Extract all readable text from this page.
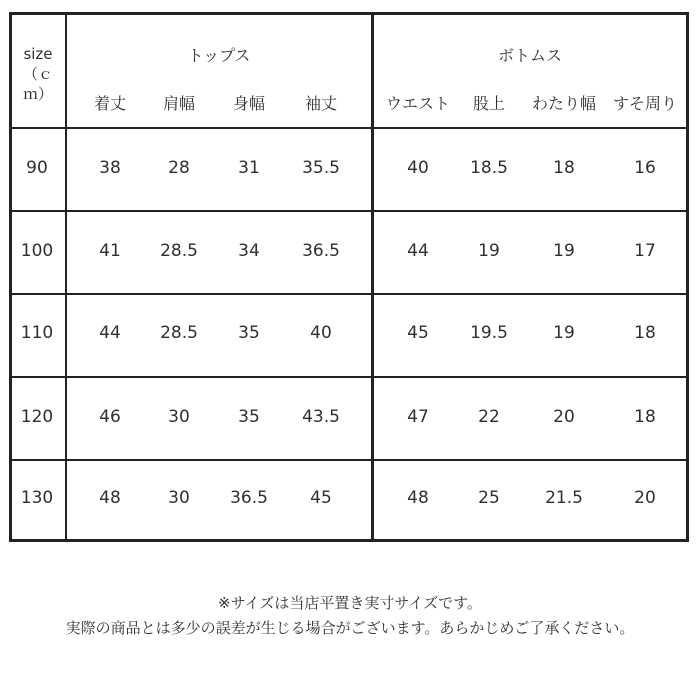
size
（ｃｍ）
トップス	ボトムス
着丈	肩幅	身幅	袖丈	ウエスト	股上	わたり幅	すそ周り
90	38	28	31	35.5	40	18.5	18	16
100	41	28.5	34	36.5	44	19	19	17
110	44	28.5	35	40	45	19.5	19	18
120	46	30	35	43.5	47	22	20	18
130	48	30	36.5	45	48	25	21.5	20
※サイズは当店平置き実寸サイズです。
実際の商品とは多少の誤差が生じる場合がございます。あらかじめご了承ください。
